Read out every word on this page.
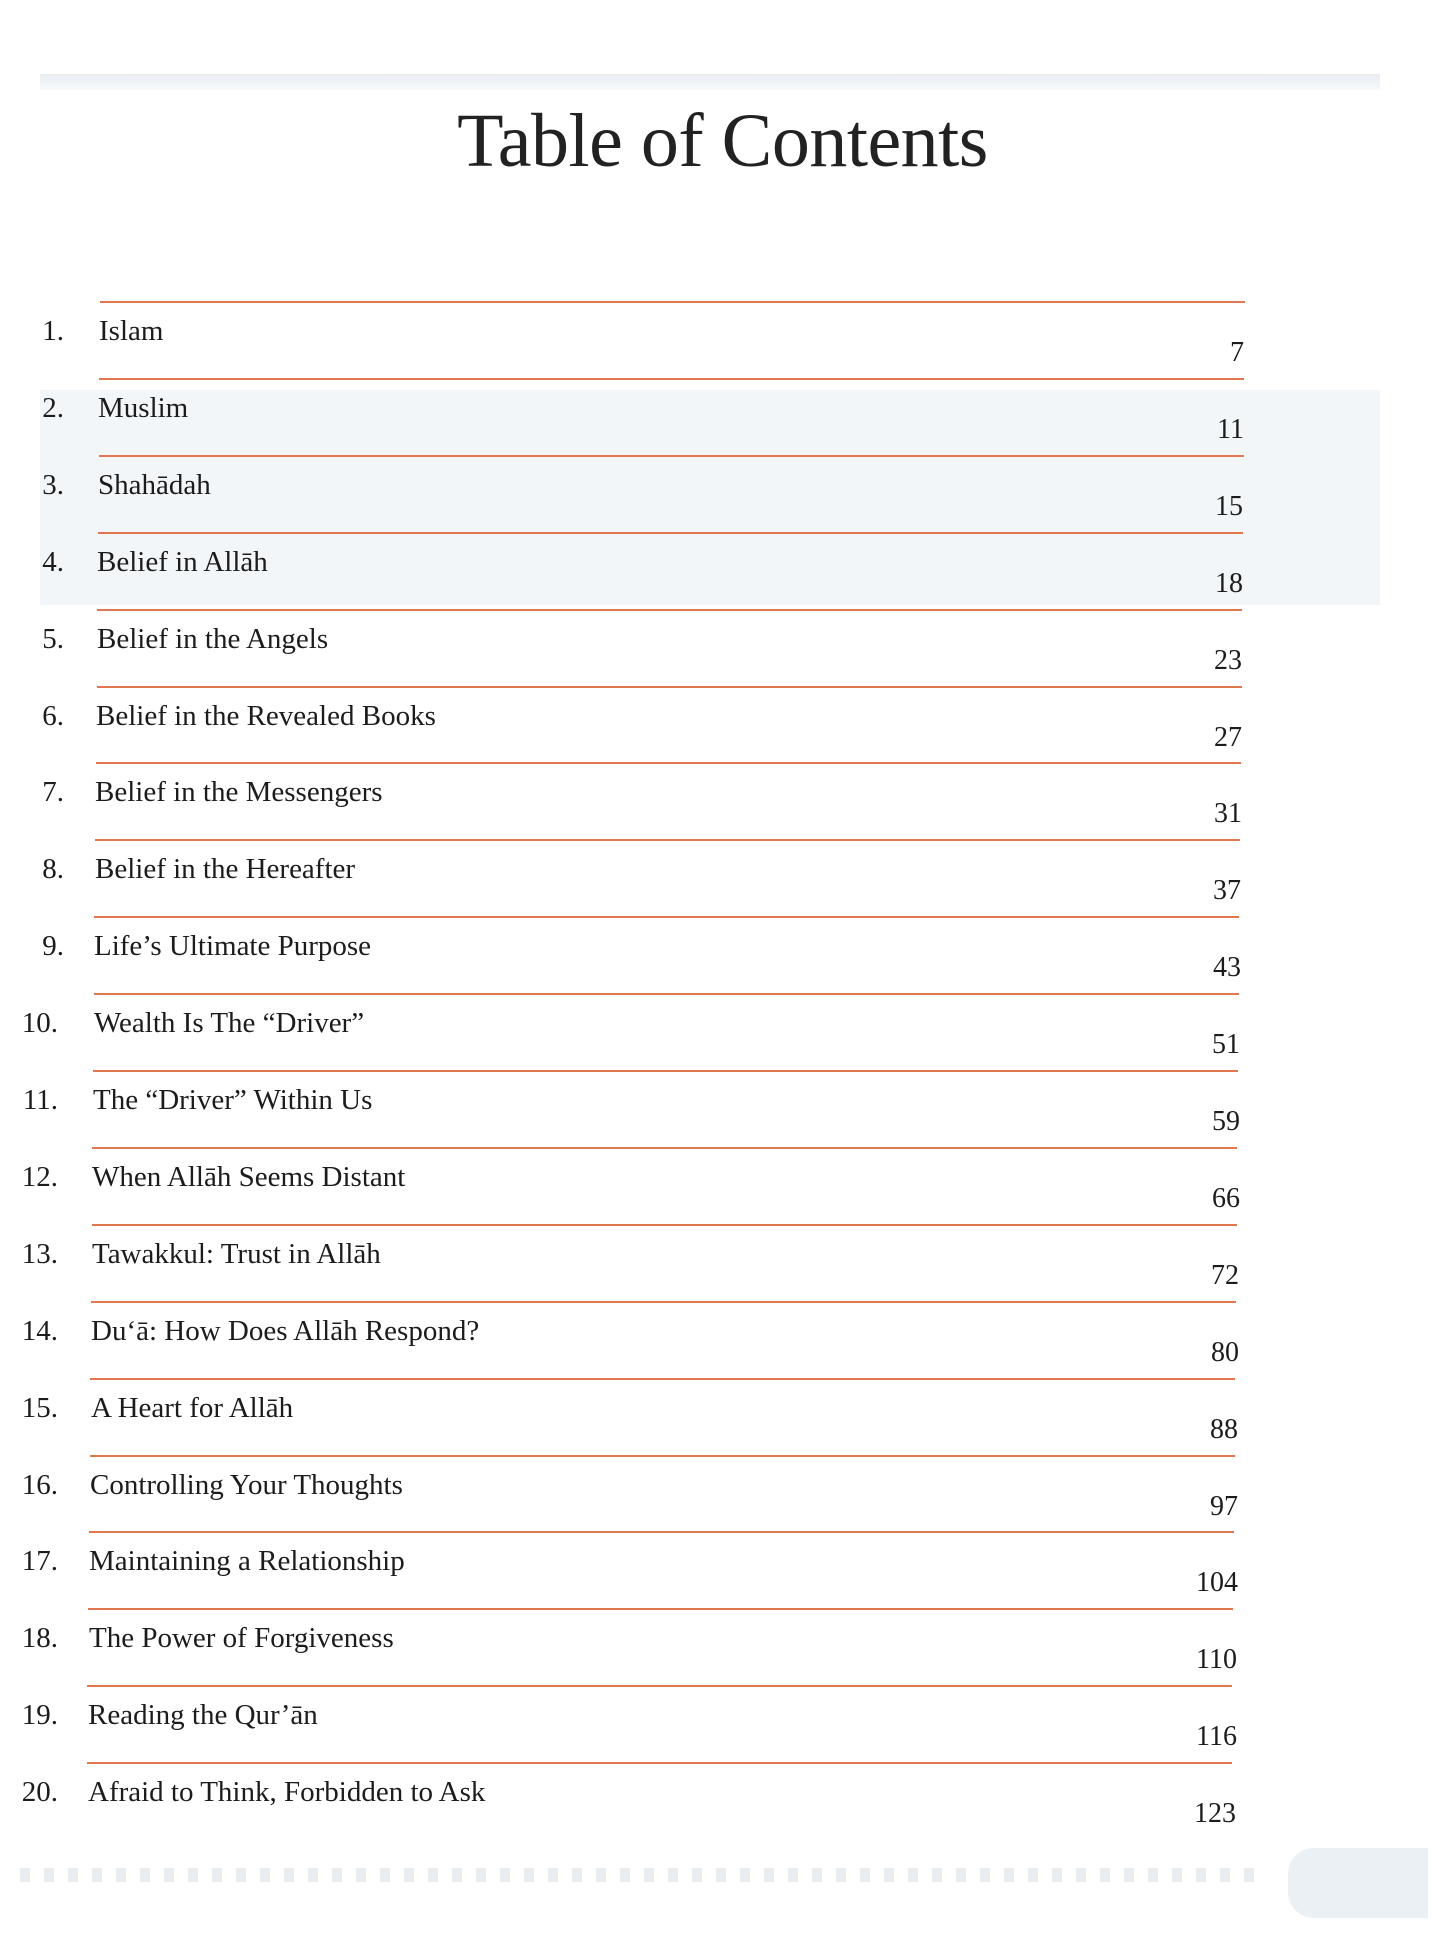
Table of Contents
1. Islam
7
2. Muslim
11
3. Shahādah
15
4. Belief in Allāh
18
5. Belief in the Angels
23
6. Belief in the Revealed Books
27
7. Belief in the Messengers
31
8. Belief in the Hereafter
37
9. Life’s Ultimate Purpose
43
10. Wealth Is The “Driver”
51
11. The “Driver” Within Us
59
12. When Allāh Seems Distant
66
13. Tawakkul: Trust in Allāh
72
14. Du‘ā: How Does Allāh Respond?
80
15. A Heart for Allāh
88
16. Controlling Your Thoughts
97
17. Maintaining a Relationship
104
18. The Power of Forgiveness
110
19. Reading the Qur’ān
116
20. Afraid to Think, Forbidden to Ask
123
